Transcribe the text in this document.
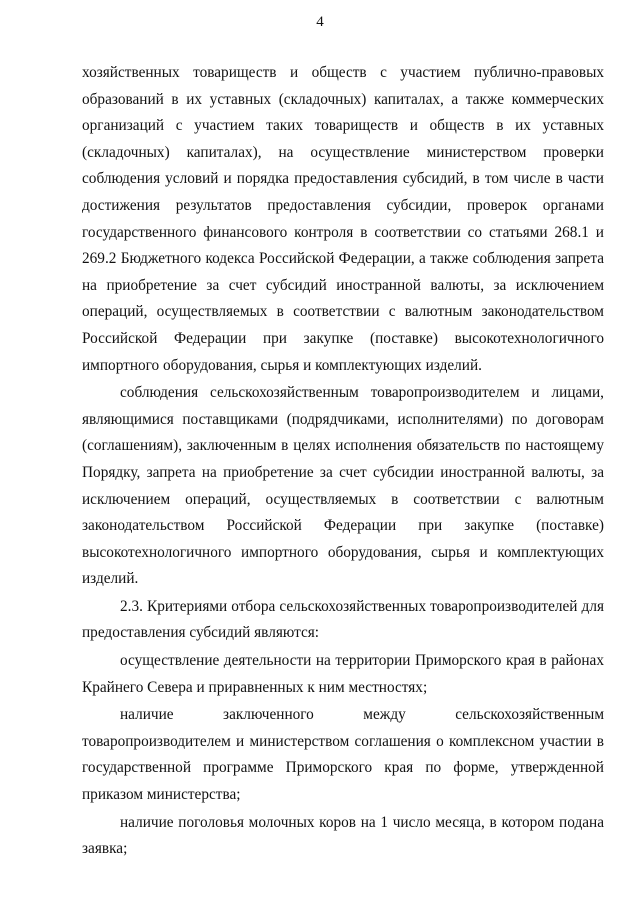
4

хозяйственных товариществ и обществ с участием публично-правовых образований в их уставных (складочных) капиталах, а также коммерческих организаций с участием таких товариществ и обществ в их уставных (складочных) капиталах), на осуществление министерством проверки соблюдения условий и порядка предоставления субсидий, в том числе в части достижения результатов предоставления субсидии, проверок органами государственного финансового контроля в соответствии со статьями 268.1 и 269.2 Бюджетного кодекса Российской Федерации, а также соблюдения запрета на приобретение за счет субсидий иностранной валюты, за исключением операций, осуществляемых в соответствии с валютным законодательством Российской Федерации при закупке (поставке) высокотехнологичного импортного оборудования, сырья и комплектующих изделий.

соблюдения сельскохозяйственным товаропроизводителем и лицами, являющимися поставщиками (подрядчиками, исполнителями) по договорам (соглашениям), заключенным в целях исполнения обязательств по настоящему Порядку, запрета на приобретение за счет субсидии иностранной валюты, за исключением операций, осуществляемых в соответствии с валютным законодательством Российской Федерации при закупке (поставке) высокотехнологичного импортного оборудования, сырья и комплектующих изделий.

2.3. Критериями отбора сельскохозяйственных товаропроизводителей для предоставления субсидий являются:

осуществление деятельности на территории Приморского края в районах Крайнего Севера и приравненных к ним местностях;

наличие заключенного между сельскохозяйственным товаропроизводителем и министерством соглашения о комплексном участии в государственной программе Приморского края по форме, утвержденной приказом министерства;

наличие поголовья молочных коров на 1 число месяца, в котором подана заявка;
